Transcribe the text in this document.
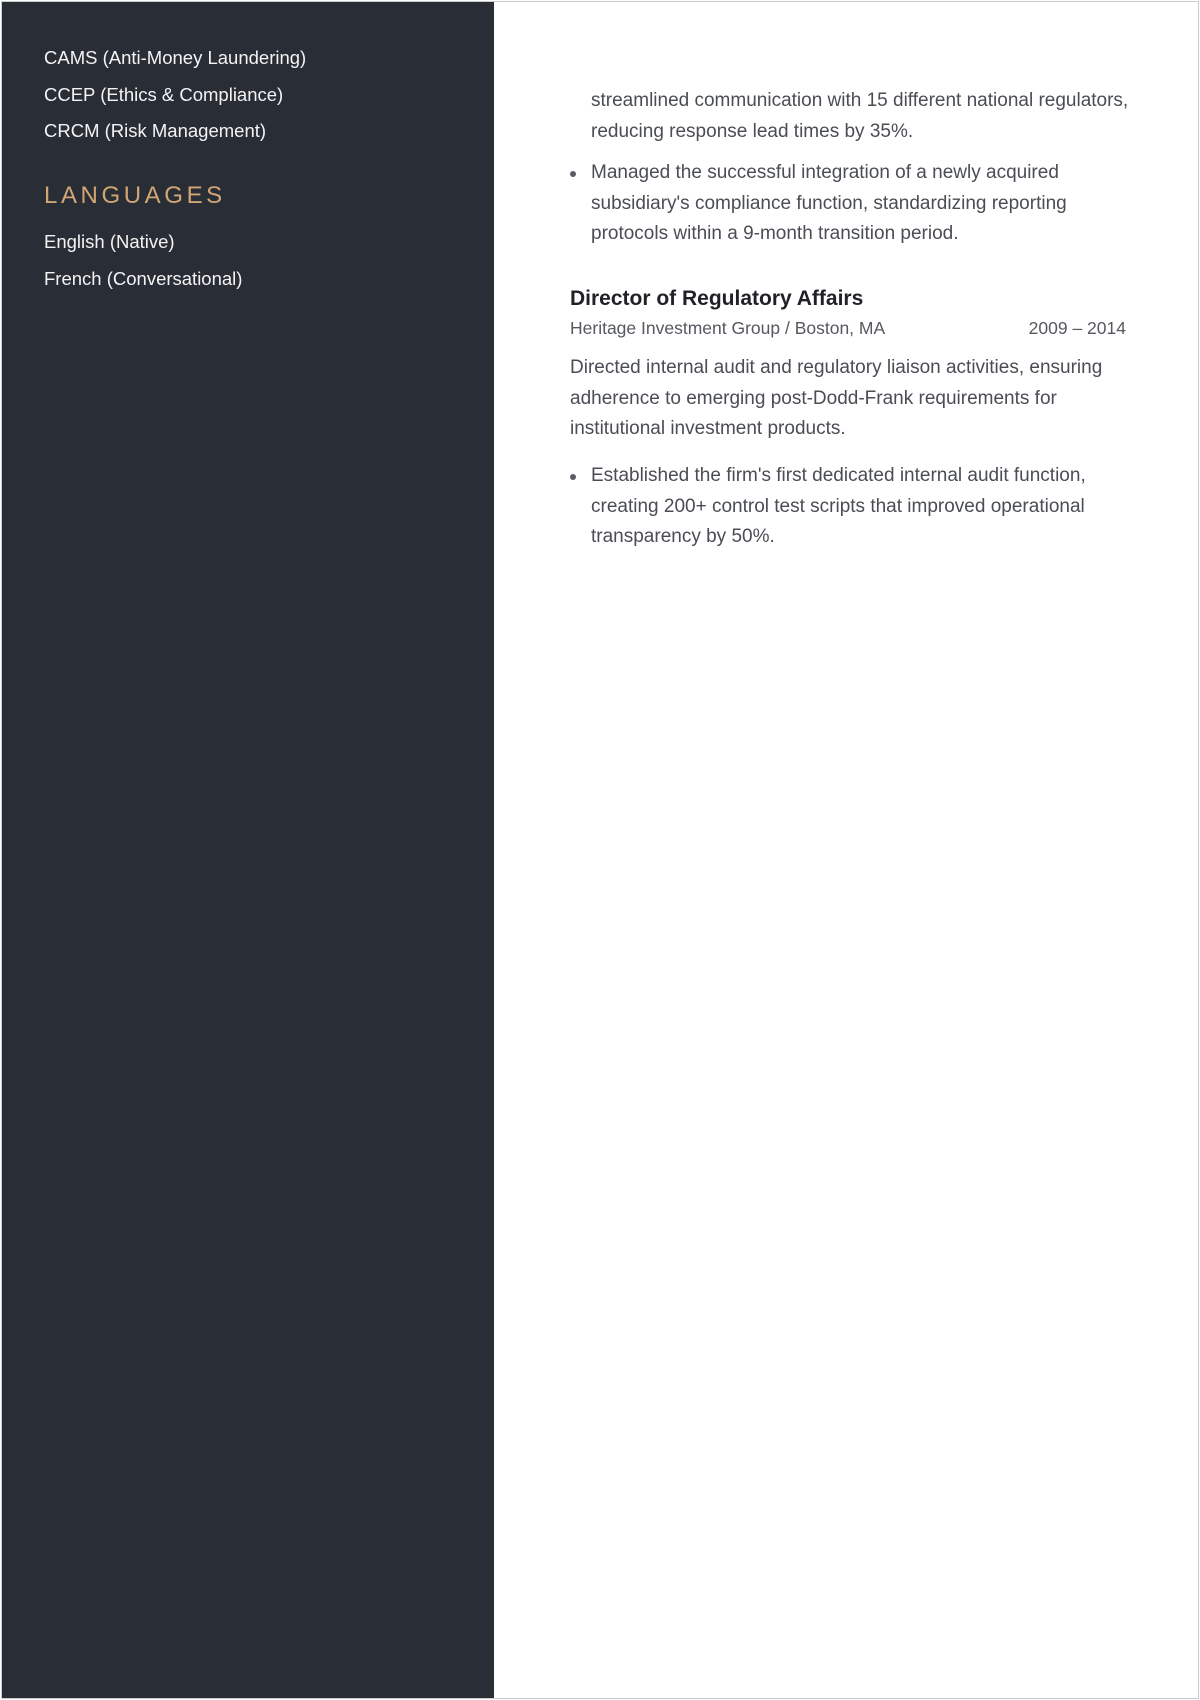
CAMS (Anti-Money Laundering)
CCEP (Ethics & Compliance)
CRCM (Risk Management)
LANGUAGES
English (Native)
French (Conversational)

streamlined communication with 15 different national regulators, reducing response lead times by 35%.

Managed the successful integration of a newly acquired subsidiary's compliance function, standardizing reporting protocols within a 9-month transition period.
Director of Regulatory Affairs
Heritage Investment Group / Boston, MA	2009 – 2014

Directed internal audit and regulatory liaison activities, ensuring adherence to emerging post-Dodd-Frank requirements for institutional investment products.

Established the firm's first dedicated internal audit function, creating 200+ control test scripts that improved operational transparency by 50%.
